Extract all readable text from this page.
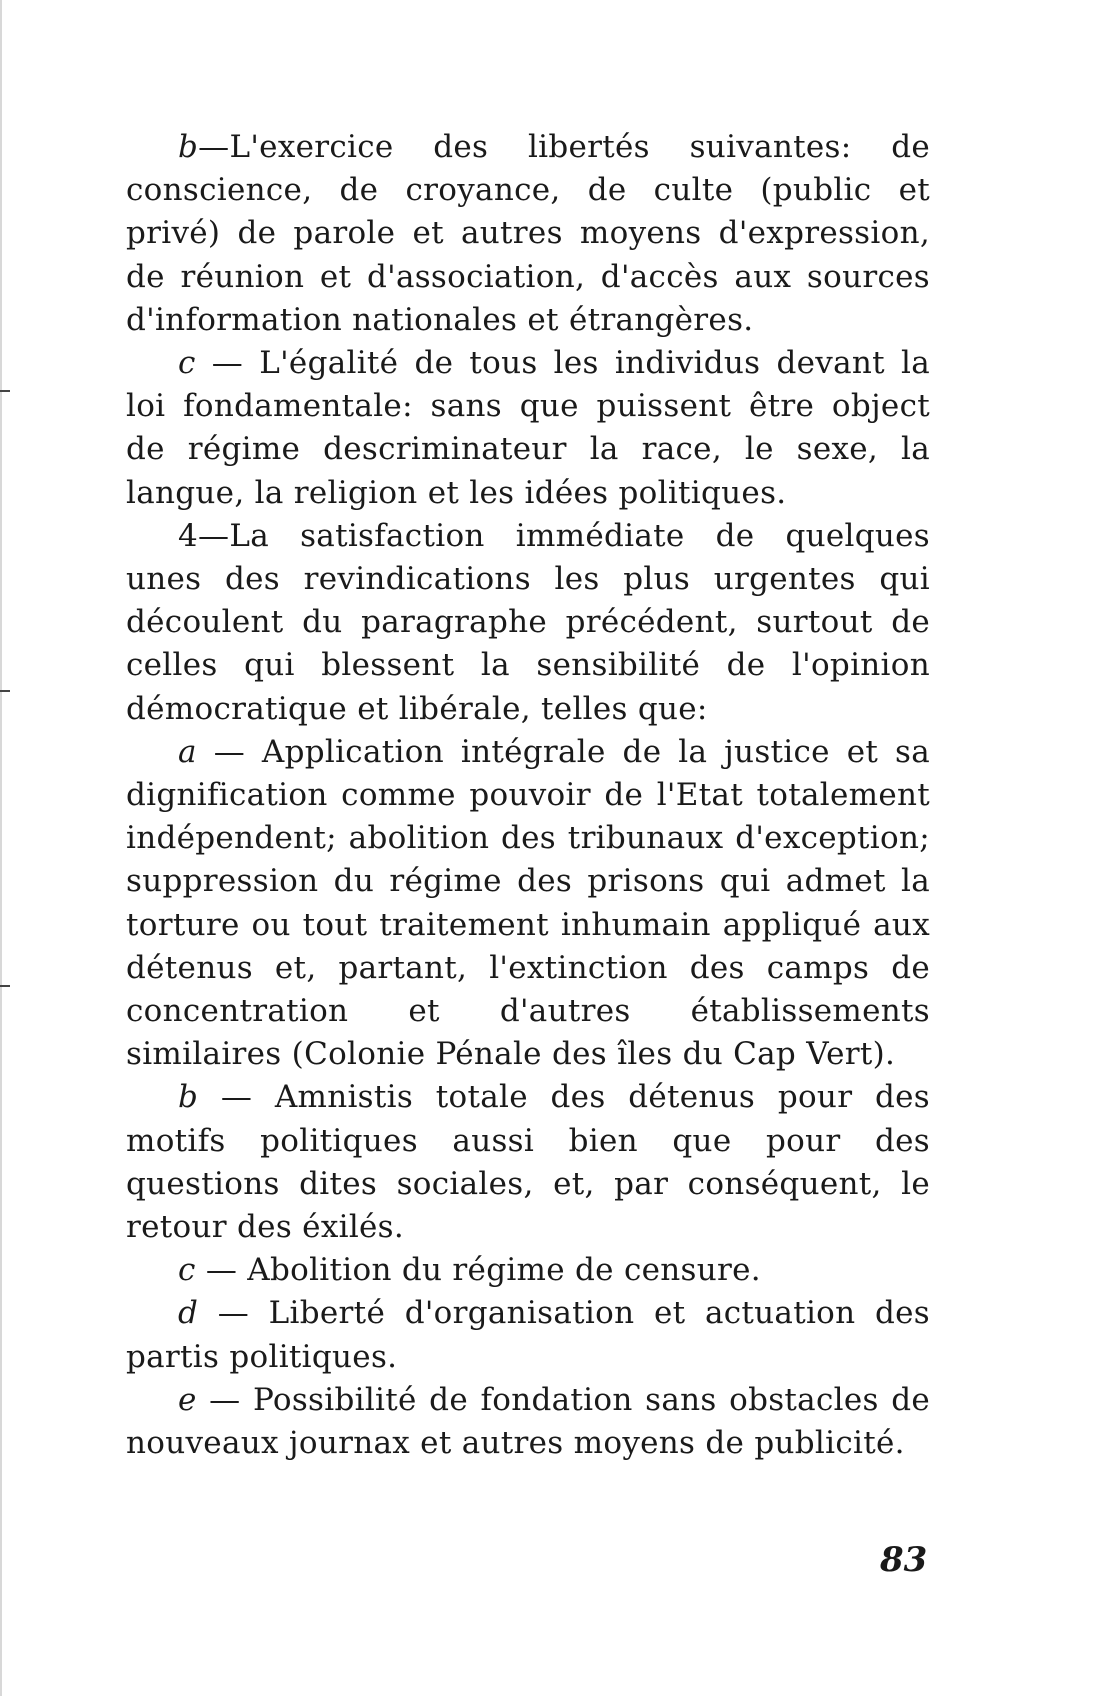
b—L'exercice des libertés suivantes: de conscience, de croyance, de culte (public et privé) de parole et autres moyens d'expression, de réunion et d'association, d'accès aux sources d'information nationales et étrangères.

c — L'égalité de tous les individus devant la loi fondamentale: sans que puissent être object de régime descriminateur la race, le sexe, la langue, la religion et les idées politiques.

4—La satisfaction immédiate de quelques unes des revindications les plus urgentes qui découlent du paragraphe précédent, surtout de celles qui blessent la sensibilité de l'opinion démocratique et libérale, telles que:

a — Application intégrale de la justice et sa dignification comme pouvoir de l'Etat totalement indépendent; abolition des tribunaux d'exception; suppression du régime des prisons qui admet la torture ou tout traitement inhumain appliqué aux détenus et, partant, l'extinction des camps de concentration et d'autres établissements similaires (Colonie Pénale des îles du Cap Vert).

b — Amnistis totale des détenus pour des motifs politiques aussi bien que pour des questions dites sociales, et, par conséquent, le retour des éxilés.

c — Abolition du régime de censure.

d — Liberté d'organisation et actuation des partis politiques.

e — Possibilité de fondation sans obstacles de nouveaux journax et autres moyens de publicité.

83
